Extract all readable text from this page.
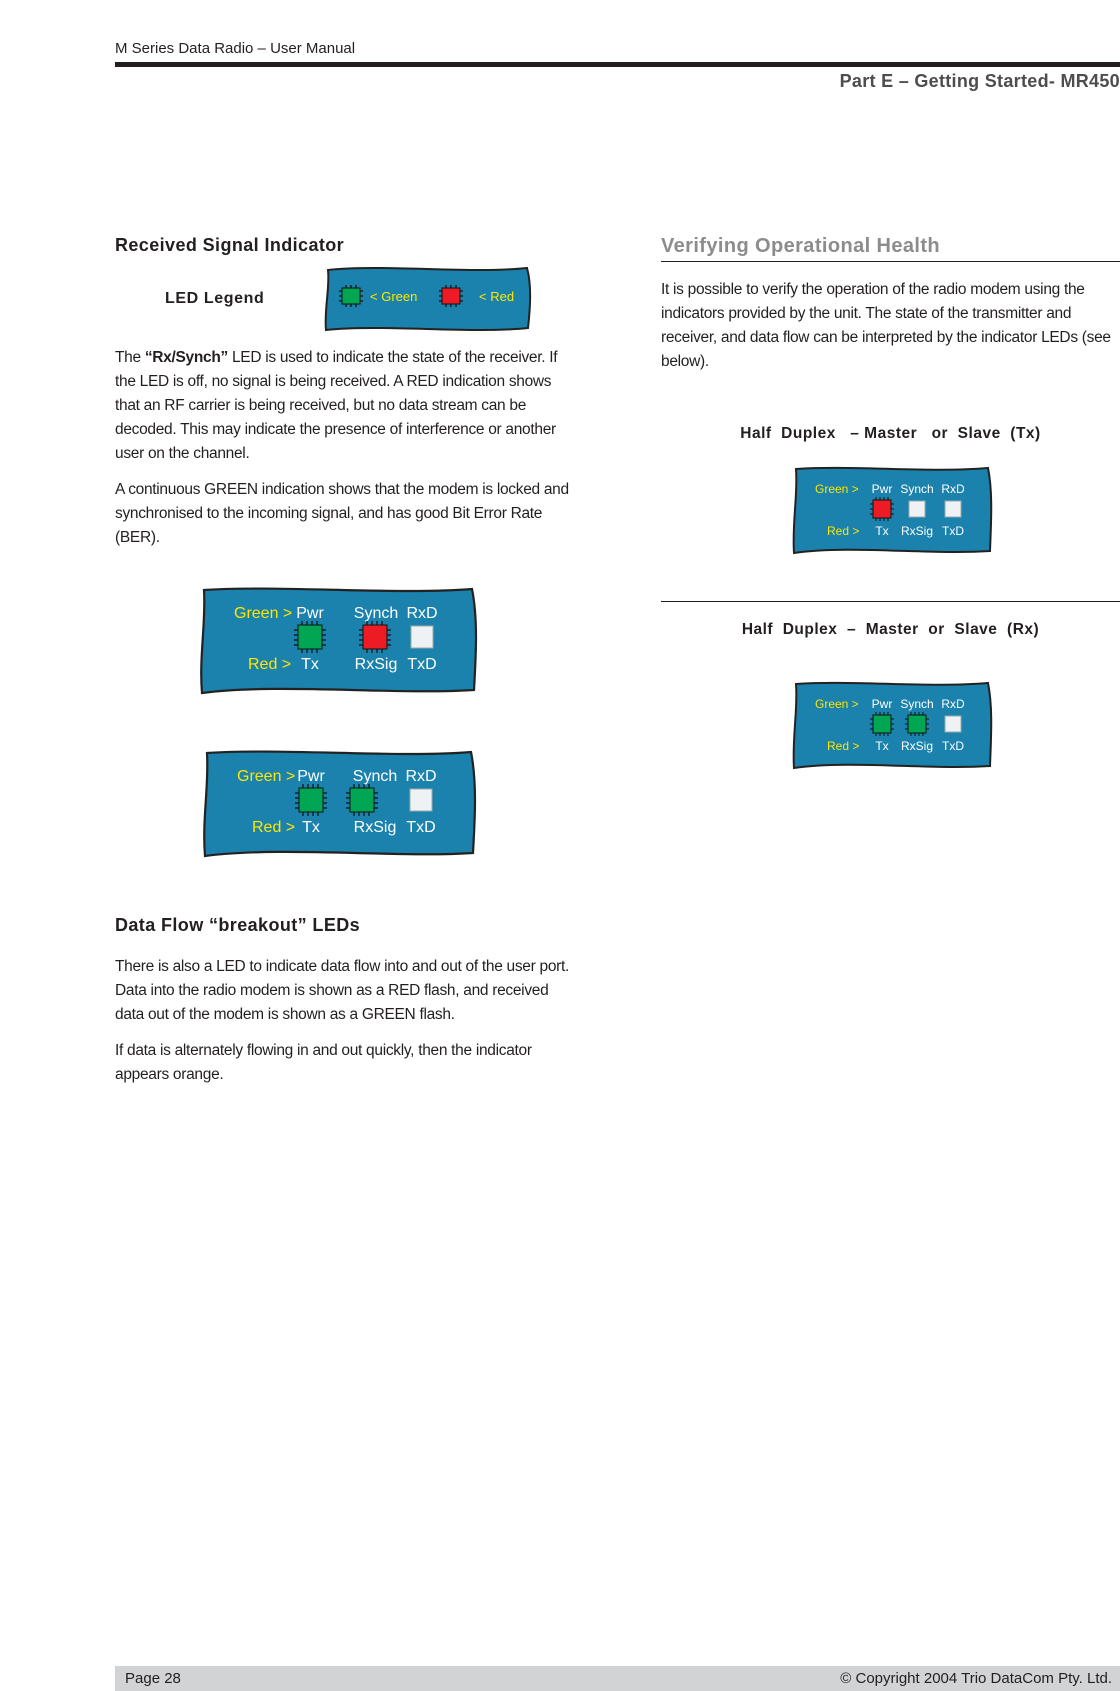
M Series Data Radio – User Manual
Part E – Getting Started- MR450
Received Signal Indicator
LED Legend	< Green	< Red

The “Rx/Synch” LED is used to indicate the state of the receiver. If the LED is off, no signal is being received. A RED indication shows that an RF carrier is being received, but no data stream can be decoded. This may indicate the presence of interference or another user on the channel.

A continuous GREEN indication shows that the modem is locked and synchronised to the incoming signal, and has good Bit Error Rate (BER).

Green >
Red >
Pwr Synch RxD
Tx RxSig TxD
Green >
Red >
Pwr Synch RxD
Tx RxSig TxD
Data Flow “breakout” LEDs

There is also a LED to indicate data flow into and out of the user port. Data into the radio modem is shown as a RED flash, and received data out of the modem is shown as a GREEN flash.

If data is alternately flowing in and out quickly, then the indicator appears orange.

Verifying Operational Health

It is possible to verify the operation of the radio modem using the indicators provided by the unit. The state of the transmitter and receiver, and data flow can be interpreted by the indicator LEDs (see below).

Half  Duplex   – Master   or  Slave  (Tx)
Green >
Red >
Pwr Synch RxD
Tx RxSig TxD
Half  Duplex  –  Master  or  Slave  (Rx)
Green >
Red >
Pwr Synch RxD
Tx RxSig TxD
Page 28	© Copyright 2004 Trio DataCom Pty. Ltd.
